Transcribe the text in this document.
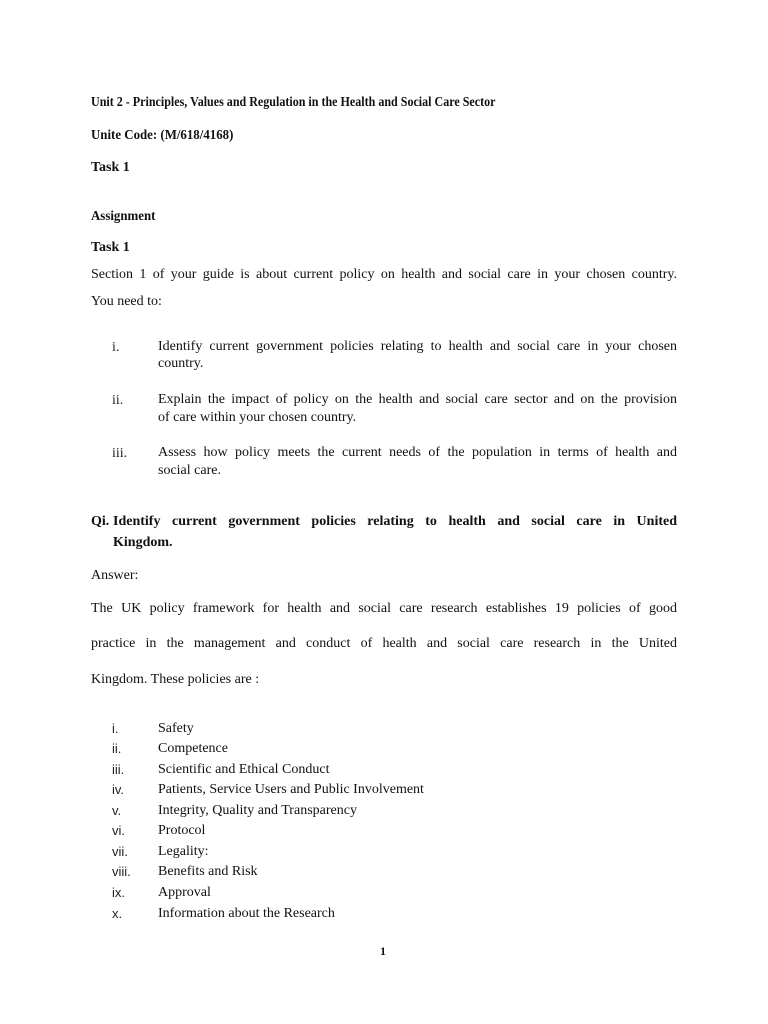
Unit 2 - Principles, Values and Regulation in the Health and Social Care Sector
Unite Code: (M/618/4168)
Task 1
Assignment
Task 1
Section 1 of your guide is about current policy on health and social care in your chosen country.
You need to:
i.	Identify current government policies relating to health and social care in your chosen
country.
ii. Explain the impact of policy on the health and social care sector and on the provision
of care within your chosen country.
iii. Assess how policy meets the current needs of the population in terms of health and
social care.
Qi. Identify current government policies relating to health and social care in United
Kingdom.
Answer:
The UK policy framework for health and social care research establishes 19 policies of good
practice in the management and conduct of health and social care research in the United
Kingdom. These policies are :
i.	Safety
ii.	Competence
iii. Scientific and Ethical Conduct
iv. Patients, Service Users and Public Involvement
v.	Integrity, Quality and Transparency
vi. Protocol
vii. Legality:
viii. Benefits and Risk
ix. Approval
x.	Information about the Research
1
